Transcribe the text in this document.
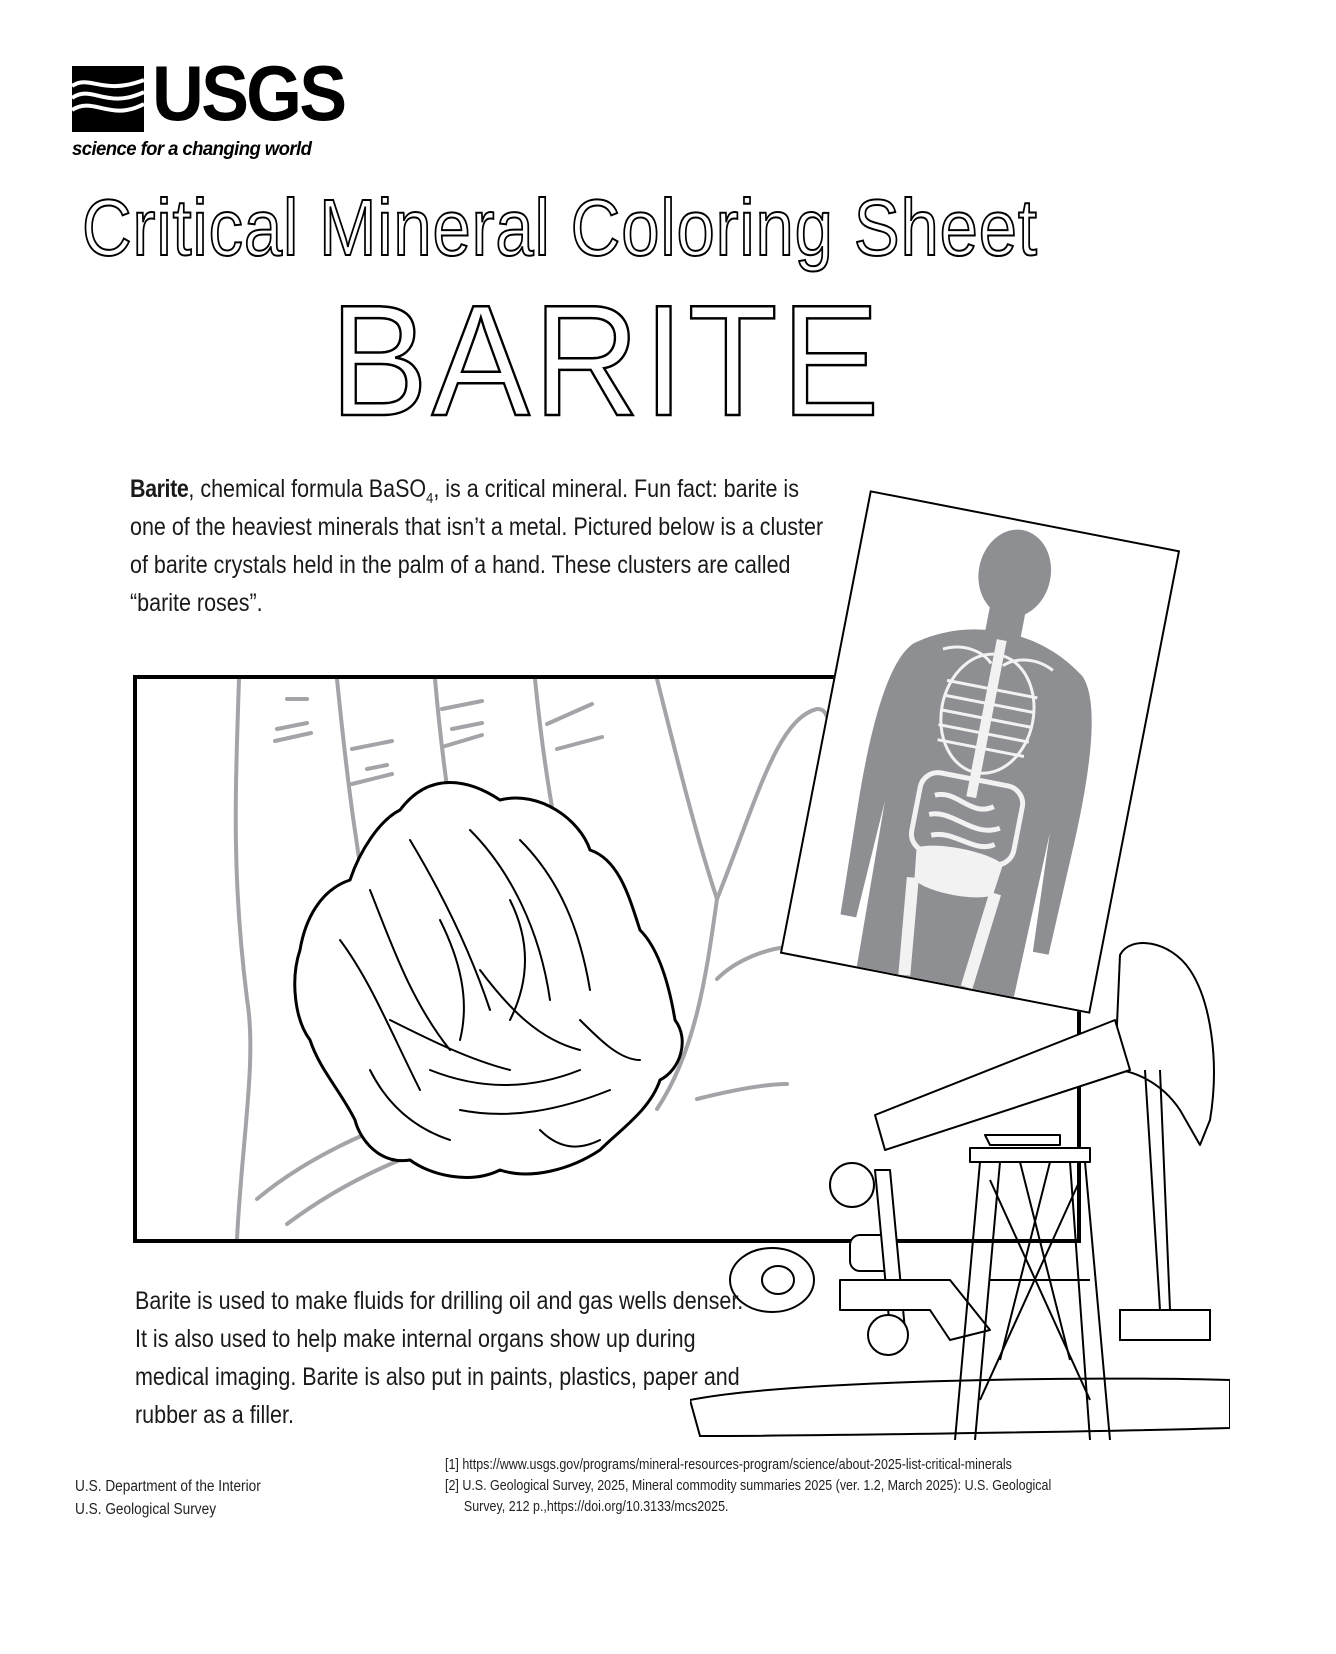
USGS
science for a changing world
Critical Mineral Coloring Sheet
BARITE
Barite, chemical formula BaSO$_4$, is a critical mineral. Fun fact: barite is one of the heaviest minerals that isn’t a metal. Pictured below is a cluster of barite crystals held in the palm of a hand. These clusters are called “barite roses”.
Barite is used to make fluids for drilling oil and gas wells denser. It is also used to help make internal organs show up during medical imaging. Barite is also put in paints, plastics, paper and rubber as a filler.
U.S. Department of the Interior
U.S. Geological Survey
[1] https://www.usgs.gov/programs/mineral-resources-program/science/about-2025-list-critical-minerals
[2] U.S. Geological Survey, 2025, Mineral commodity summaries 2025 (ver. 1.2, March 2025): U.S. Geological
Survey, 212 p.,https://doi.org/10.3133/mcs2025.
